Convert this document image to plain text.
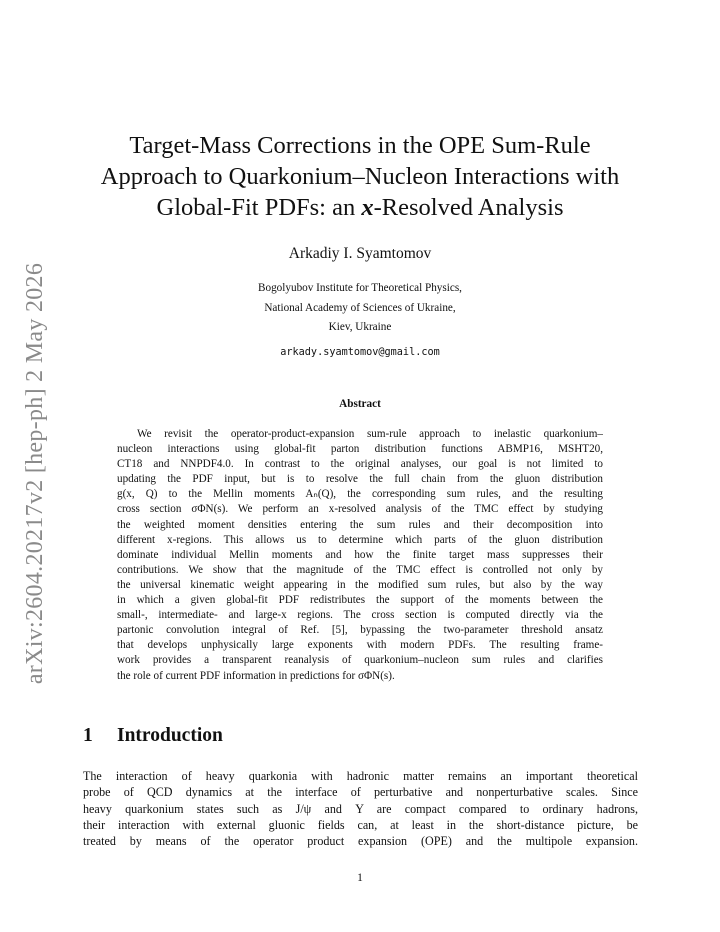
arXiv:2604.20217v2 [hep-ph] 2 May 2026
Target-Mass Corrections in the OPE Sum-Rule
Approach to Quarkonium–Nucleon Interactions with
Global-Fit PDFs: an x-Resolved Analysis
Arkadiy I. Syamtomov
Bogolyubov Institute for Theoretical Physics,
National Academy of Sciences of Ukraine,
Kiev, Ukraine
arkady.syamtomov@gmail.com
Abstract
We revisit the operator-product-expansion sum-rule approach to inelastic quarkonium–
nucleon interactions using global-fit parton distribution functions ABMP16, MSHT20,
CT18 and NNPDF4.0. In contrast to the original analyses, our goal is not limited to
updating the PDF input, but is to resolve the full chain from the gluon distribution
g(x, Q) to the Mellin moments Aₙ(Q), the corresponding sum rules, and the resulting
cross section σΦN(s). We perform an x-resolved analysis of the TMC effect by studying
the weighted moment densities entering the sum rules and their decomposition into
different x-regions. This allows us to determine which parts of the gluon distribution
dominate individual Mellin moments and how the finite target mass suppresses their
contributions. We show that the magnitude of the TMC effect is controlled not only by
the universal kinematic weight appearing in the modified sum rules, but also by the way
in which a given global-fit PDF redistributes the support of the moments between the
small-, intermediate- and large-x regions. The cross section is computed directly via the
partonic convolution integral of Ref. [5], bypassing the two-parameter threshold ansatz
that develops unphysically large exponents with modern PDFs. The resulting frame-
work provides a transparent reanalysis of quarkonium–nucleon sum rules and clarifies
the role of current PDF information in predictions for σΦN(s).
1 Introduction
The interaction of heavy quarkonia with hadronic matter remains an important theoretical
probe of QCD dynamics at the interface of perturbative and nonperturbative scales. Since
heavy quarkonium states such as J/ψ and Υ are compact compared to ordinary hadrons,
their interaction with external gluonic fields can, at least in the short-distance picture, be
treated by means of the operator product expansion (OPE) and the multipole expansion.
1
